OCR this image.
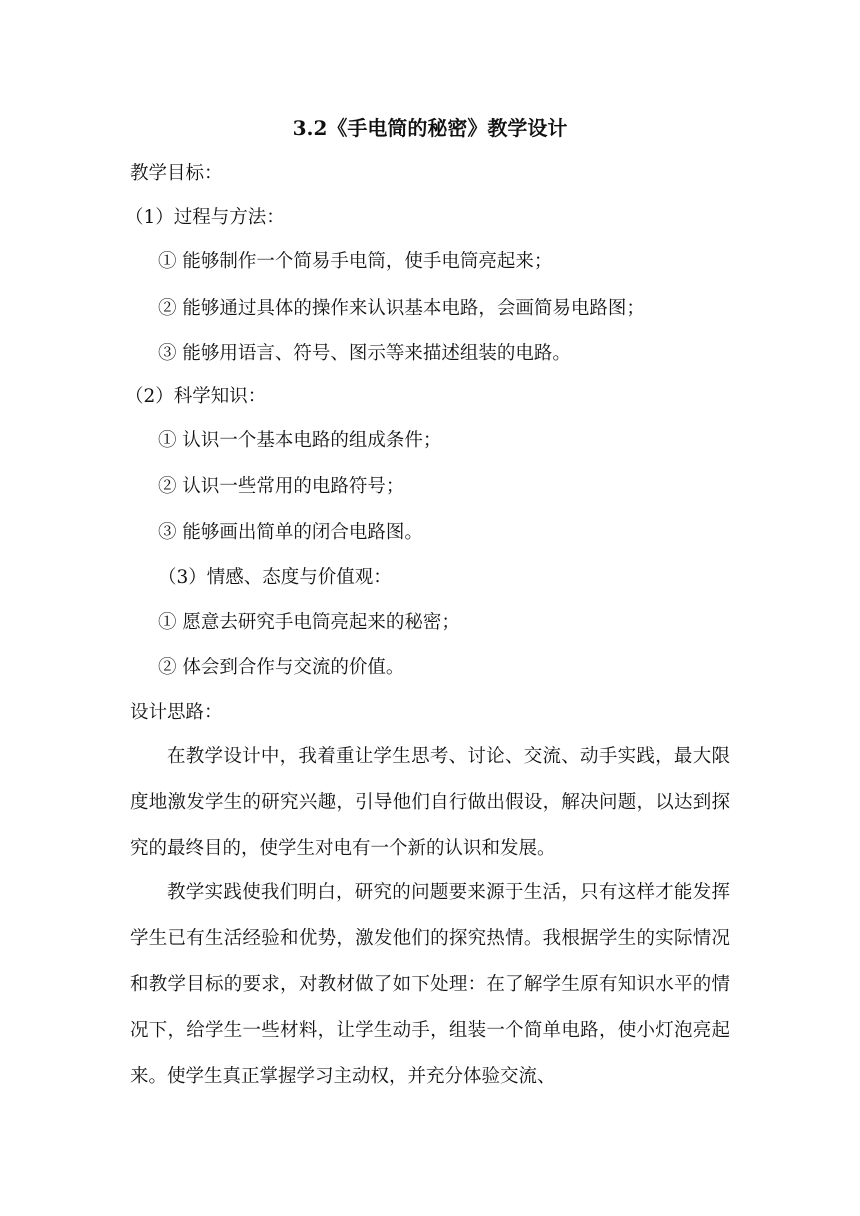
3.2《手电筒的秘密》教学设计
教学目标：
（1）过程与方法：
① 能够制作一个简易手电筒，使手电筒亮起来；
② 能够通过具体的操作来认识基本电路，会画简易电路图；
③ 能够用语言、符号、图示等来描述组装的电路。
（2）科学知识：
① 认识一个基本电路的组成条件；
② 认识一些常用的电路符号；
③ 能够画出简单的闭合电路图。
（3）情感、态度与价值观：
① 愿意去研究手电筒亮起来的秘密；
② 体会到合作与交流的价值。
设计思路：
在教学设计中，我着重让学生思考、讨论、交流、动手实践，最大限度地激发学生的研究兴趣，引导他们自行做出假设，解决问题，以达到探究的最终目的，使学生对电有一个新的认识和发展。
教学实践使我们明白，研究的问题要来源于生活，只有这样才能发挥学生已有生活经验和优势，激发他们的探究热情。我根据学生的实际情况和教学目标的要求，对教材做了如下处理：在了解学生原有知识水平的情况下，给学生一些材料，让学生动手，组装一个简单电路，使小灯泡亮起来。使学生真正掌握学习主动权，并充分体验交流、
